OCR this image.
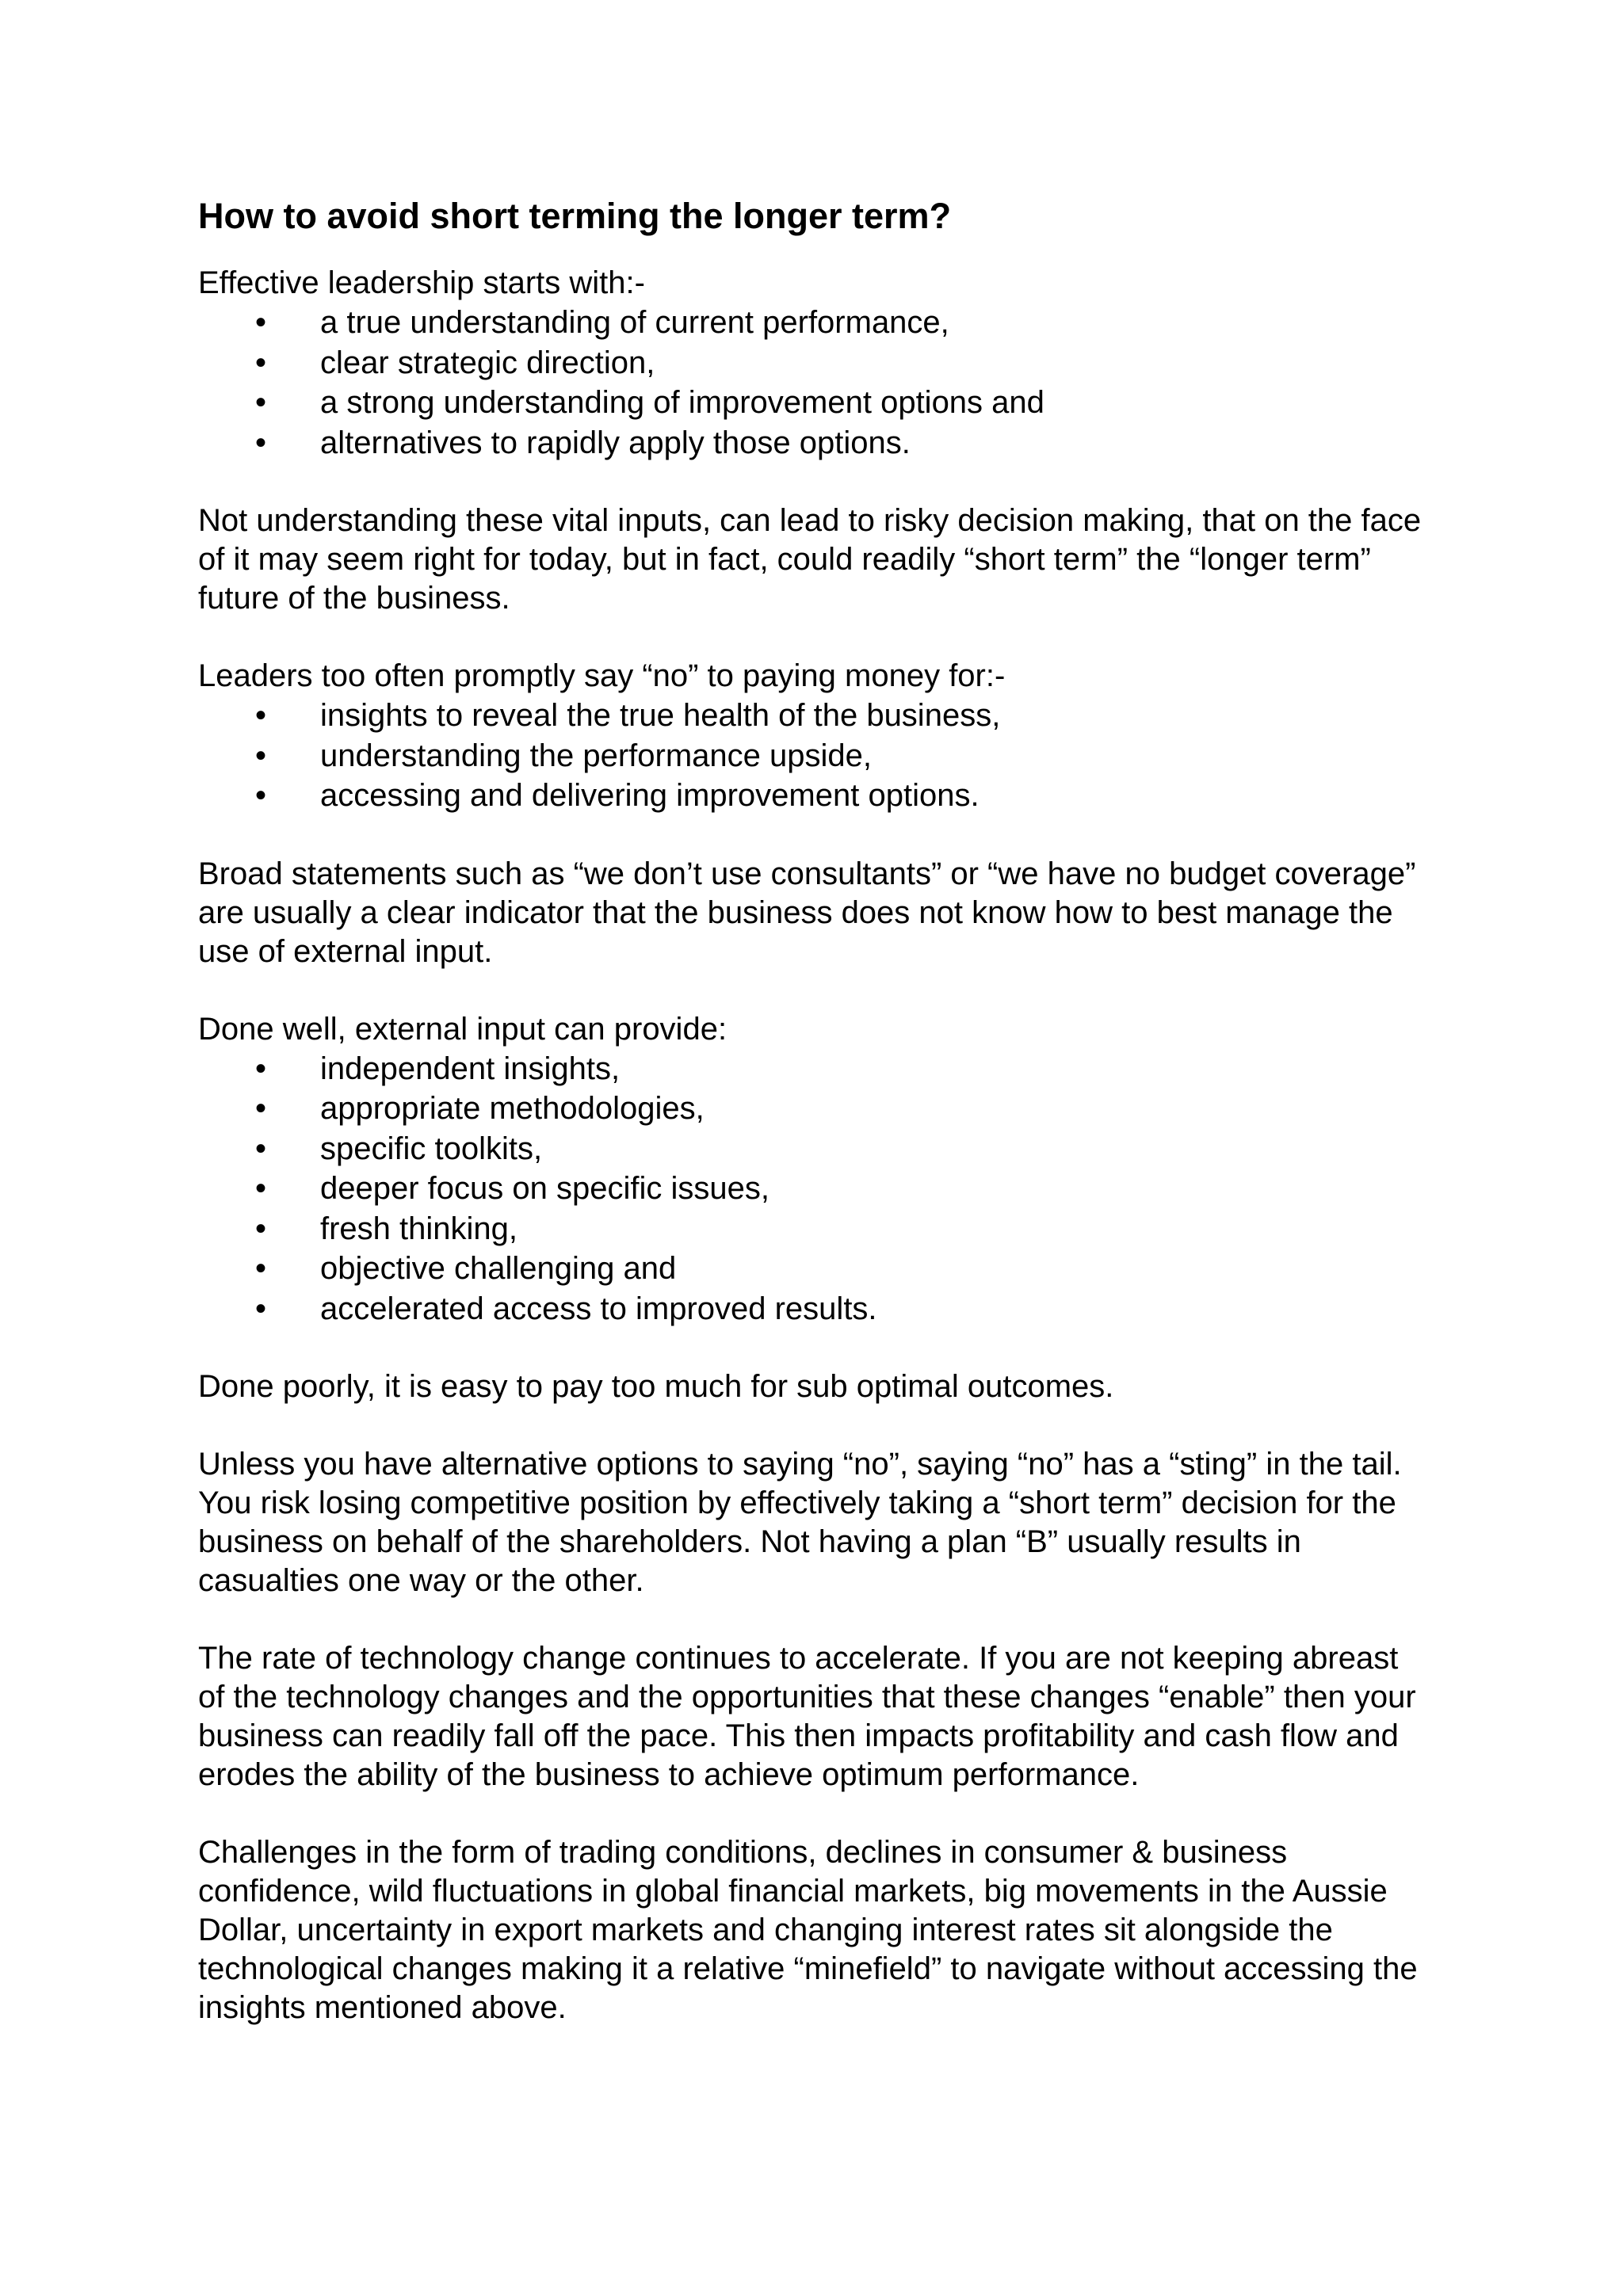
How to avoid short terming the longer term?

Effective leadership starts with:-

• a true understanding of current performance,
• clear strategic direction,
• a strong understanding of improvement options and
• alternatives to rapidly apply those options.
Not understanding these vital inputs, can lead to risky decision making, that on the face
of it may seem right for today, but in fact, could readily “short term” the “longer term”
future of the business.

Leaders too often promptly say “no” to paying money for:-

• insights to reveal the true health of the business,
• understanding the performance upside,
• accessing and delivering improvement options.
Broad statements such as “we don’t use consultants” or “we have no budget coverage”
are usually a clear indicator that the business does not know how to best manage the
use of external input.

Done well, external input can provide:

• independent insights,
• appropriate methodologies,
• specific toolkits,
• deeper focus on specific issues,
• fresh thinking,
• objective challenging and
• accelerated access to improved results.
Done poorly, it is easy to pay too much for sub optimal outcomes.
Unless you have alternative options to saying “no”, saying “no” has a “sting” in the tail.
You risk losing competitive position by effectively taking a “short term” decision for the
business on behalf of the shareholders. Not having a plan “B” usually results in
casualties one way or the other.
The rate of technology change continues to accelerate. If you are not keeping abreast
of the technology changes and the opportunities that these changes “enable” then your
business can readily fall off the pace. This then impacts profitability and cash flow and
erodes the ability of the business to achieve optimum performance.
Challenges in the form of trading conditions, declines in consumer & business
confidence, wild fluctuations in global financial markets, big movements in the Aussie
Dollar, uncertainty in export markets and changing interest rates sit alongside the
technological changes making it a relative “minefield” to navigate without accessing the
insights mentioned above.
